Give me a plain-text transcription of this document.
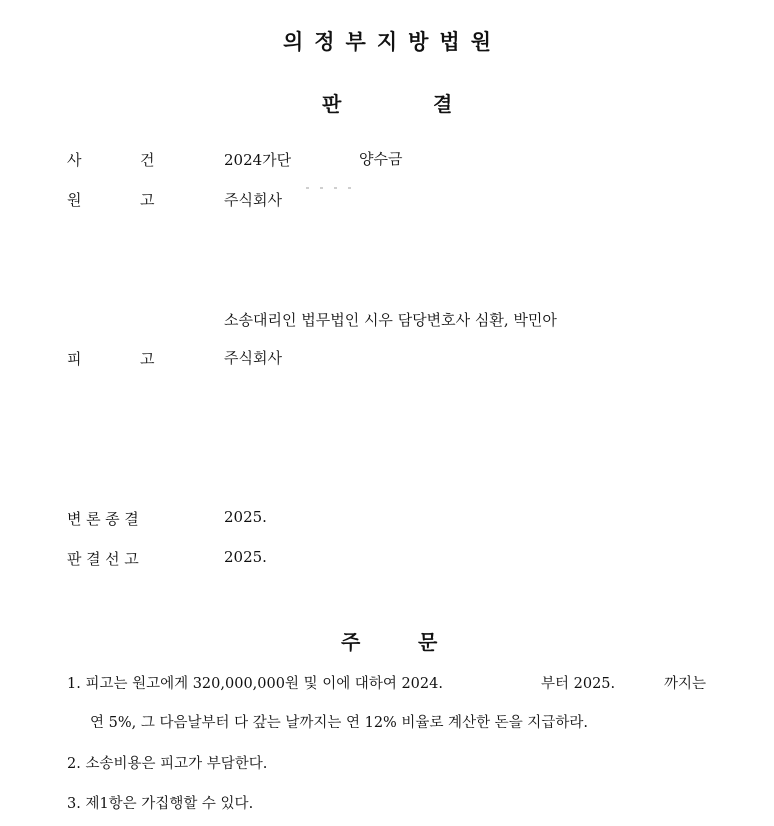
의정부지방법원
판	결
사	건	2024가단	양수금
원	고	주식회사
소송대리인 법무법인 시우 담당변호사 심환, 박민아
피	고	주식회사
변론종결	2025.
판결선고	2025.
주	문
1. 피고는 원고에게 320,000,000원 및 이에 대하여 2024.	부터 2025.	까지는
연 5%, 그 다음날부터 다 갚는 날까지는 연 12% 비율로 계산한 돈을 지급하라.
2. 소송비용은 피고가 부담한다.
3. 제1항은 가집행할 수 있다.
